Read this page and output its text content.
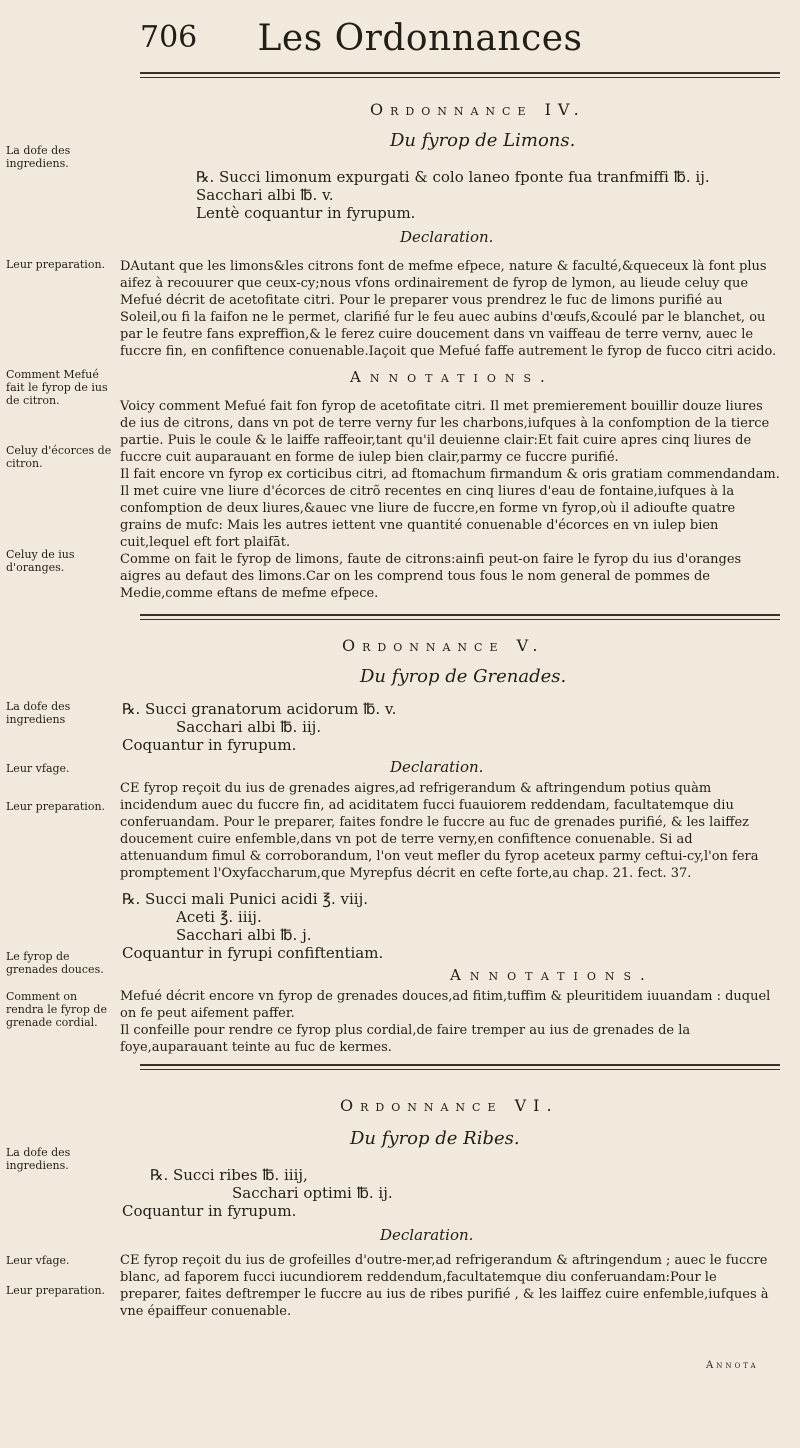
706 Les Ordonnances
Ordonnance IV.
Du fyrop de Limons.
℞. Succi limonum expurgati & colo laneo fponte fua tranfmiffi ℔. ij.
Sacchari albi ℔. v.
Lentè coquantur in fyrupum.
Declaration.

DAutant que les limons&les citrons font de mefme efpece, nature & faculté,&queceux là font plus aifez à recouurer que ceux-cy;nous vfons ordinairement de fyrop de lymon, au lieude celuy que Mefué décrit de acetofitate citri. Pour le preparer vous prendrez le fuc de limons purifié au Soleil,ou fi la faifon ne le permet, clarifié fur le feu auec aubins d'œufs,&coulé par le blanchet, ou par le feutre fans expreffion,& le ferez cuire doucement dans vn vaiffeau de terre vernv, auec le fuccre fin, en confiftence conuenable.Iaçoit que Mefué faffe autrement le fyrop de fucco citri acido.

Annotations.

Voicy comment Mefué fait fon fyrop de acetofitate citri. Il met premierement bouillir douze liures de ius de citrons, dans vn pot de terre verny fur les charbons,iufques à la confomption de la tierce partie. Puis le coule & le laiffe raffeoir,tant qu'il deuienne clair:Et fait cuire apres cinq liures de fuccre cuit auparauant en forme de iulep bien clair,parmy ce fuccre purifié.

Il fait encore vn fyrop ex corticibus citri, ad ftomachum firmandum & oris gratiam commendandam. Il met cuire vne liure d'écorces de citrõ recentes en cinq liures d'eau de fontaine,iufques à la confomption de deux liures,&auec vne liure de fuccre,en forme vn fyrop,où il adioufte quatre grains de mufc: Mais les autres iettent vne quantité conuenable d'écorces en vn iulep bien cuit,lequel eft fort plaifāt.

Comme on fait le fyrop de limons, faute de citrons:ainfi peut-on faire le fyrop du ius d'oranges aigres au defaut des limons.Car on les comprend tous fous le nom general de pommes de Medie,comme eftans de mefme efpece.

La dofe des ingrediens.
Leur preparation.
Comment Mefué fait le fyrop de ius de citron.
Celuy d'écorces de citron.
Celuy de ius d'oranges.
Ordonnance V.
Du fyrop de Grenades.
℞. Succi granatorum acidorum ℔. v.
Sacchari albi ℔. iij.
Coquantur in fyrupum.
Declaration.

CE fyrop reçoit du ius de grenades aigres,ad refrigerandum & aftringendum potius quàm incidendum auec du fuccre fin, ad aciditatem fucci fuauiorem reddendam, facultatemque diu conferuandam. Pour le preparer, faites fondre le fuccre au fuc de grenades purifié, & les laiffez doucement cuire enfemble,dans vn pot de terre verny,en confiftence conuenable. Si ad attenuandum fimul & corroborandum, l'on veut mefler du fyrop aceteux parmy ceftui-cy,l'on fera promptement l'Oxyfaccharum,que Myrepfus décrit en cefte forte,au chap. 21. fect. 37.

℞. Succi mali Punici acidi ℥. viij.
Aceti ℥. iiij.
Sacchari albi ℔. j.
Coquantur in fyrupi confiftentiam.
Annotations.

Mefué décrit encore vn fyrop de grenades douces,ad fitim,tuffim & pleuritidem iuuandam : duquel on fe peut aifement paffer.

Il confeille pour rendre ce fyrop plus cordial,de faire tremper au ius de grenades de la foye,auparauant teinte au fuc de kermes.

La dofe des ingrediens
Leur vfage.
Leur preparation.
Le fyrop de grenades douces.
Comment on rendra le fyrop de grenade cordial.
Ordonnance VI.
Du fyrop de Ribes.
℞. Succi ribes ℔. iiij,
Sacchari optimi ℔. ij.
Coquantur in fyrupum.
Declaration.

CE fyrop reçoit du ius de grofeilles d'outre-mer,ad refrigerandum & aftringendum ; auec le fuccre blanc, ad faporem fucci iucundiorem reddendum,facultatemque diu conferuandam:Pour le preparer, faites deftremper le fuccre au ius de ribes purifié , & les laiffez cuire enfemble,iufques à vne épaiffeur conuenable.

La dofe des ingrediens.
Leur vfage.
Leur preparation.
Annota
